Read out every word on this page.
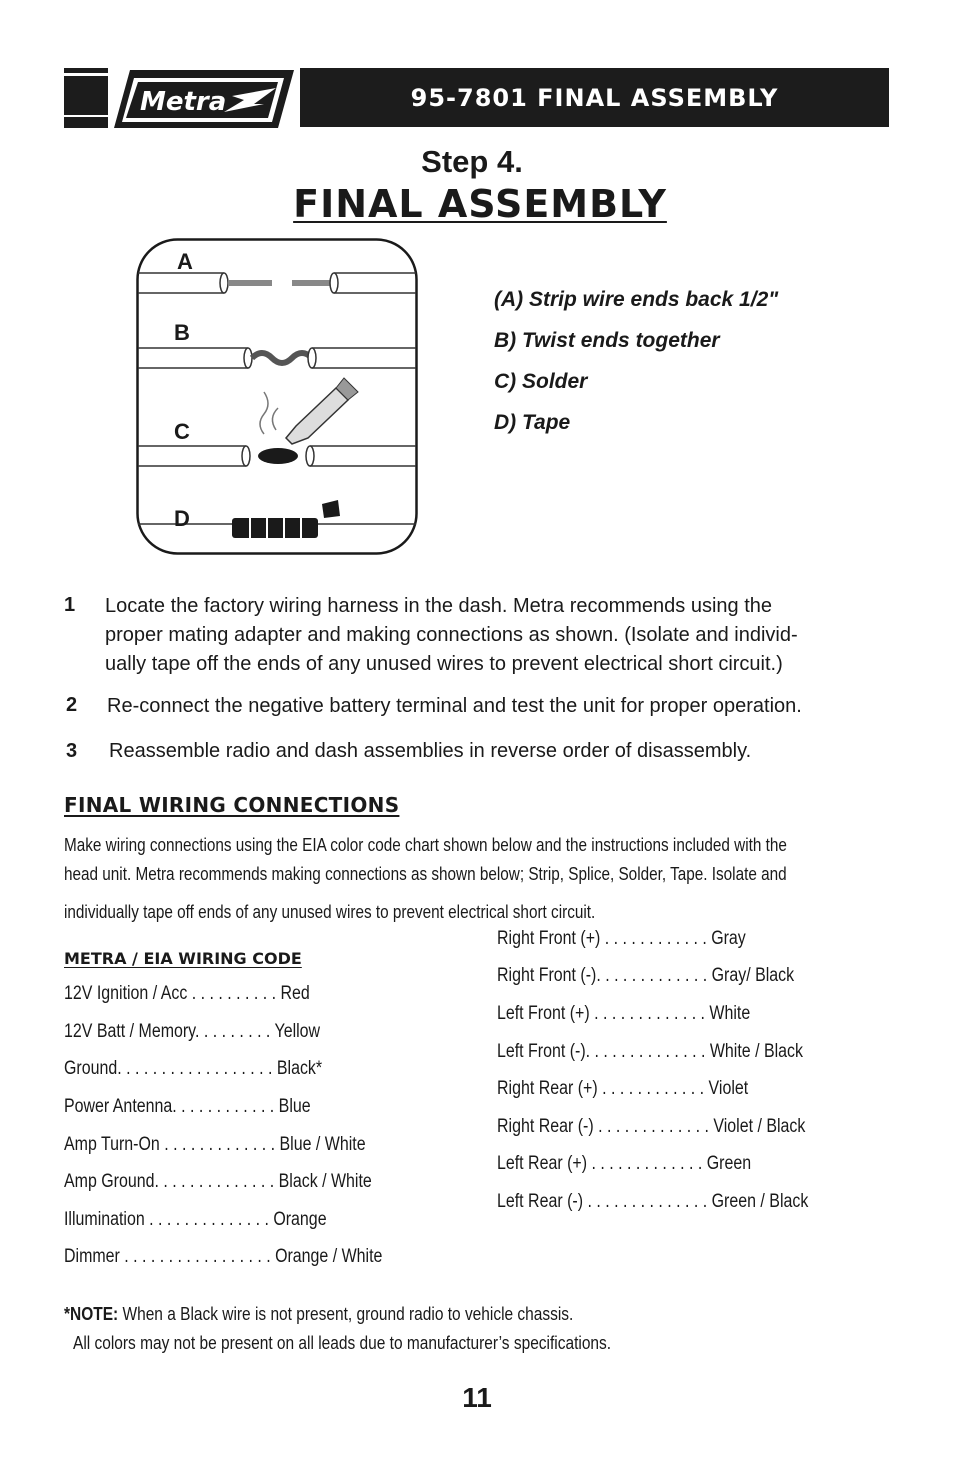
Metra	95-7801 FINAL ASSEMBLY
Step 4.
FINAL ASSEMBLY
A
B
C
D
(A) Strip wire ends back 1/2"
B) Twist ends together
C) Solder
D) Tape
1	Locate the factory wiring harness in the dash. Metra recommends using the
proper mating adapter and making connections as shown. (Isolate and individ-
ually tape off the ends of any unused wires to prevent electrical short circuit.)
2	Re-connect the negative battery terminal and test the unit for proper operation.
3	Reassemble radio and dash assemblies in reverse order of disassembly.
FINAL WIRING CONNECTIONS
Make wiring connections using the EIA color code chart shown below and the instructions included with the
head unit. Metra recommends making connections as shown below; Strip, Splice, Solder, Tape. Isolate and
individually tape off ends of any unused wires to prevent electrical short circuit.
METRA / EIA WIRING CODE
12V Ignition / Acc . . . . . . . . . . Red
12V Batt / Memory. . . . . . . . . Yellow
Ground. . . . . . . . . . . . . . . . . . Black*
Power Antenna. . . . . . . . . . . . Blue
Amp Turn-On . . . . . . . . . . . . . Blue / White
Amp Ground. . . . . . . . . . . . . . Black / White
Illumination . . . . . . . . . . . . . . Orange
Dimmer . . . . . . . . . . . . . . . . . Orange / White
Right Front (+) . . . . . . . . . . . . Gray
Right Front (-). . . . . . . . . . . . . Gray/ Black
Left Front (+) . . . . . . . . . . . . . White
Left Front (-). . . . . . . . . . . . . . White / Black
Right Rear (+) . . . . . . . . . . . . Violet
Right Rear (-) . . . . . . . . . . . . . Violet / Black
Left Rear (+) . . . . . . . . . . . . . Green
Left Rear (-) . . . . . . . . . . . . . . Green / Black
*NOTE: When a Black wire is not present, ground radio to vehicle chassis.
All colors may not be present on all leads due to manufacturer’s specifications.
11
